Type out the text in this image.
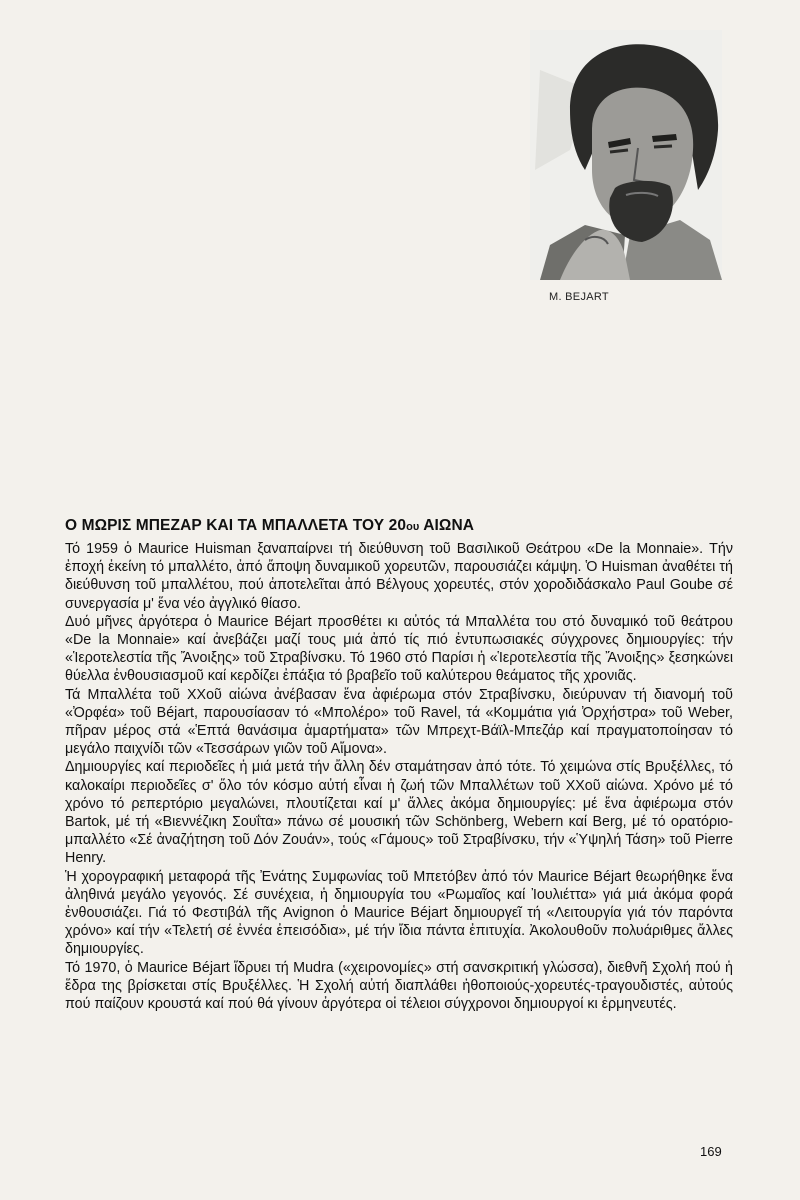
M. BEJART
Ο ΜΩΡΙΣ ΜΠΕΖΑΡ ΚΑΙ ΤΑ ΜΠΑΛΛΕΤΑ ΤΟΥ 20ου ΑΙΩΝΑ

Τό 1959 ὁ Maurice Huisman ξαναπαίρνει τή διεύθυνση τοῦ Βασιλικοῦ Θεάτρου «De la Monnaie». Τήν ἐποχή ἐκείνη τό μπαλλέτο, ἀπό ἄποψη δυναμικοῦ χορευτῶν, παρουσιάζει κάμψη. Ὁ Huisman ἀναθέτει τή διεύθυνση τοῦ μπαλλέτου, πού ἀποτελεῖται ἀπό Βέλγους χορευτές, στόν χοροδιδάσκαλο Paul Goube σέ συνεργασία μ' ἕνα νέο ἀγγλικό θίασο.

Δυό μῆνες ἀργότερα ὁ Maurice Béjart προσθέτει κι αὐτός τά Μπαλλέτα του στό δυναμικό τοῦ θεάτρου «De la Monnaie» καί ἀνεβάζει μαζί τους μιά ἀπό τίς πιό ἐντυπωσιακές σύγχρονες δημιουργίες: τήν «Ἱεροτελεστία τῆς Ἄνοιξης» τοῦ Στραβίνσκυ. Τό 1960 στό Παρίσι ἡ «Ἱεροτελεστία τῆς Ἄνοιξης» ξεσηκώνει θύελλα ἐνθουσιασμοῦ καί κερδίζει ἐπάξια τό βραβεῖο τοῦ καλύτερου θεάματος τῆς χρονιᾶς.

Τά Μπαλλέτα τοῦ XXοῦ αἰώνα ἀνέβασαν ἕνα ἀφιέρωμα στόν Στραβίνσκυ, διεύρυναν τή διανομή τοῦ «Ὀρφέα» τοῦ Béjart, παρουσίασαν τό «Μπολέρο» τοῦ Ravel, τά «Κομμάτια γιά Ὀρχήστρα» τοῦ Weber, πῆραν μέρος στά «Ἑπτά θανάσιμα ἁμαρτήματα» τῶν Μπρεχτ-Βάϊλ-Μπεζάρ καί πραγματοποίησαν τό μεγάλο παιχνίδι τῶν «Τεσσάρων γιῶν τοῦ Αἴμονα».

Δημιουργίες καί περιοδεῖες ἡ μιά μετά τήν ἄλλη δέν σταμάτησαν ἀπό τότε. Τό χειμώνα στίς Βρυξέλλες, τό καλοκαίρι περιοδεῖες σ' ὅλο τόν κόσμο αὐτή εἶναι ἡ ζωή τῶν Μπαλλέτων τοῦ XXοῦ αἰώνα. Χρόνο μέ τό χρόνο τό ρεπερτόριο μεγαλώνει, πλουτίζεται καί μ' ἄλλες ἀκόμα δημιουργίες: μέ ἕνα ἀφιέρωμα στόν Bartok, μέ τή «Βιεννέζικη Σουΐτα» πάνω σέ μουσική τῶν Schönberg, Webern καί Berg, μέ τό ορατόριο-μπαλλέτο «Σέ ἀναζήτηση τοῦ Δόν Ζουάν», τούς «Γάμους» τοῦ Στραβίνσκυ, τήν «Ὑψηλή Τάση» τοῦ Pierre Henry.

Ἡ χορογραφική μεταφορά τῆς Ἐνάτης Συμφωνίας τοῦ Μπετόβεν ἀπό τόν Maurice Béjart θεωρήθηκε ἕνα ἀληθινά μεγάλο γεγονός. Σέ συνέχεια, ἡ δημιουργία του «Ρωμαῖος καί Ἰουλιέττα» γιά μιά ἀκόμα φορά ἐνθουσιάζει. Γιά τό Φεστιβάλ τῆς Avignon ὁ Maurice Béjart δημιουργεῖ τή «Λειτουργία γιά τόν παρόντα χρόνο» καί τήν «Τελετή σέ ἐννέα ἐπεισόδια», μέ τήν ἴδια πάντα ἐπιτυχία. Ἀκολουθοῦν πολυάριθμες ἄλλες δημιουργίες.

Τό 1970, ὁ Maurice Béjart ἵδρυει τή Mudra («χειρονομίες» στή σανσκριτική γλώσσα), διεθνῆ Σχολή πού ἡ ἕδρα της βρίσκεται στίς Βρυξέλλες. Ἡ Σχολή αὐτή διαπλάθει ἠθοποιούς-χορευτές-τραγουδιστές, αὐτούς πού παίζουν κρουστά καί πού θά γίνουν ἀργότερα οἱ τέλειοι σύγχρονοι δημιουργοί κι ἑρμηνευτές.

169
